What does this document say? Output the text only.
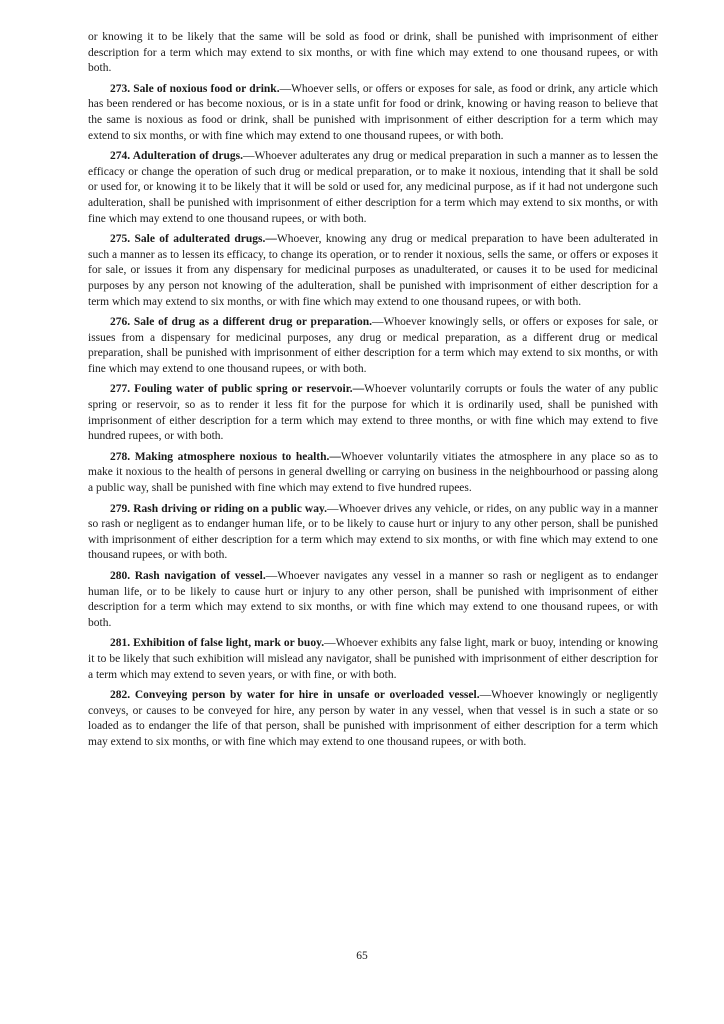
or knowing it to be likely that the same will be sold as food or drink, shall be punished with imprisonment of either description for a term which may extend to six months, or with fine which may extend to one thousand rupees, or with both.

273. Sale of noxious food or drink.—Whoever sells, or offers or exposes for sale, as food or drink, any article which has been rendered or has become noxious, or is in a state unfit for food or drink, knowing or having reason to believe that the same is noxious as food or drink, shall be punished with imprisonment of either description for a term which may extend to six months, or with fine which may extend to one thousand rupees, or with both.

274. Adulteration of drugs.—Whoever adulterates any drug or medical preparation in such a manner as to lessen the efficacy or change the operation of such drug or medical preparation, or to make it noxious, intending that it shall be sold or used for, or knowing it to be likely that it will be sold or used for, any medicinal purpose, as if it had not undergone such adulteration, shall be punished with imprisonment of either description for a term which may extend to six months, or with fine which may extend to one thousand rupees, or with both.

275. Sale of adulterated drugs.—Whoever, knowing any drug or medical preparation to have been adulterated in such a manner as to lessen its efficacy, to change its operation, or to render it noxious, sells the same, or offers or exposes it for sale, or issues it from any dispensary for medicinal purposes as unadulterated, or causes it to be used for medicinal purposes by any person not knowing of the adulteration, shall be punished with imprisonment of either description for a term which may extend to six months, or with fine which may extend to one thousand rupees, or with both.

276. Sale of drug as a different drug or preparation.—Whoever knowingly sells, or offers or exposes for sale, or issues from a dispensary for medicinal purposes, any drug or medical preparation, as a different drug or medical preparation, shall be punished with imprisonment of either description for a term which may extend to six months, or with fine which may extend to one thousand rupees, or with both.

277. Fouling water of public spring or reservoir.—Whoever voluntarily corrupts or fouls the water of any public spring or reservoir, so as to render it less fit for the purpose for which it is ordinarily used, shall be punished with imprisonment of either description for a term which may extend to three months, or with fine which may extend to five hundred rupees, or with both.

278. Making atmosphere noxious to health.—Whoever voluntarily vitiates the atmosphere in any place so as to make it noxious to the health of persons in general dwelling or carrying on business in the neighbourhood or passing along a public way, shall be punished with fine which may extend to five hundred rupees.

279. Rash driving or riding on a public way.—Whoever drives any vehicle, or rides, on any public way in a manner so rash or negligent as to endanger human life, or to be likely to cause hurt or injury to any other person, shall be punished with imprisonment of either description for a term which may extend to six months, or with fine which may extend to one thousand rupees, or with both.

280. Rash navigation of vessel.—Whoever navigates any vessel in a manner so rash or negligent as to endanger human life, or to be likely to cause hurt or injury to any other person, shall be punished with imprisonment of either description for a term which may extend to six months, or with fine which may extend to one thousand rupees, or with both.

281. Exhibition of false light, mark or buoy.—Whoever exhibits any false light, mark or buoy, intending or knowing it to be likely that such exhibition will mislead any navigator, shall be punished with imprisonment of either description for a term which may extend to seven years, or with fine, or with both.

282. Conveying person by water for hire in unsafe or overloaded vessel.—Whoever knowingly or negligently conveys, or causes to be conveyed for hire, any person by water in any vessel, when that vessel is in such a state or so loaded as to endanger the life of that person, shall be punished with imprisonment of either description for a term which may extend to six months, or with fine which may extend to one thousand rupees, or with both.

65
